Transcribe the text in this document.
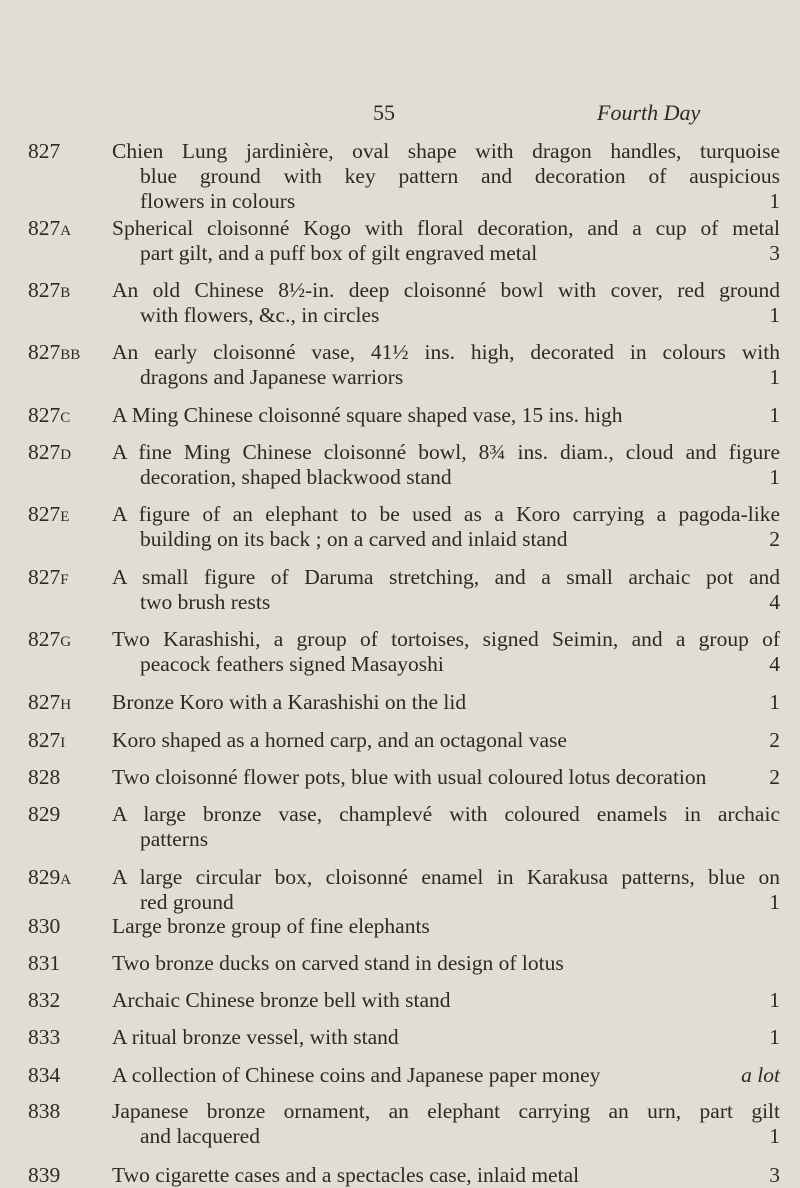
55	Fourth Day
827	Chien Lung jardinière, oval shape with dragon handles, turquoise
blue ground with key pattern and decoration of auspicious
flowers in colours	1
827a	Spherical cloisonné Kogo with floral decoration, and a cup of metal
part gilt, and a puff box of gilt engraved metal	3
827b	An old Chinese 8½-in. deep cloisonné bowl with cover, red ground
with flowers, &c., in circles	1
827bb	An early cloisonné vase, 41½ ins. high, decorated in colours with
dragons and Japanese warriors	1
827c	A Ming Chinese cloisonné square shaped vase, 15 ins. high	1
827d	A fine Ming Chinese cloisonné bowl, 8¾ ins. diam., cloud and figure
decoration, shaped blackwood stand	1
827e	A figure of an elephant to be used as a Koro carrying a pagoda-like
building on its back ; on a carved and inlaid stand	2
827f	A small figure of Daruma stretching, and a small archaic pot and
two brush rests	4
827g	Two Karashishi, a group of tortoises, signed Seimin, and a group of
peacock feathers signed Masayoshi	4
827h	Bronze Koro with a Karashishi on the lid	1
827i	Koro shaped as a horned carp, and an octagonal vase	2
828	Two cloisonné flower pots, blue with usual coloured lotus decoration	2
829	A large bronze vase, champlevé with coloured enamels in archaic
patterns
829a	A large circular box, cloisonné enamel in Karakusa patterns, blue on
red ground	1
830	Large bronze group of fine elephants
831	Two bronze ducks on carved stand in design of lotus
832	Archaic Chinese bronze bell with stand	1
833	A ritual bronze vessel, with stand	1
834	A collection of Chinese coins and Japanese paper money	a lot
838	Japanese bronze ornament, an elephant carrying an urn, part gilt
and lacquered	1
839	Two cigarette cases and a spectacles case, inlaid metal	3
